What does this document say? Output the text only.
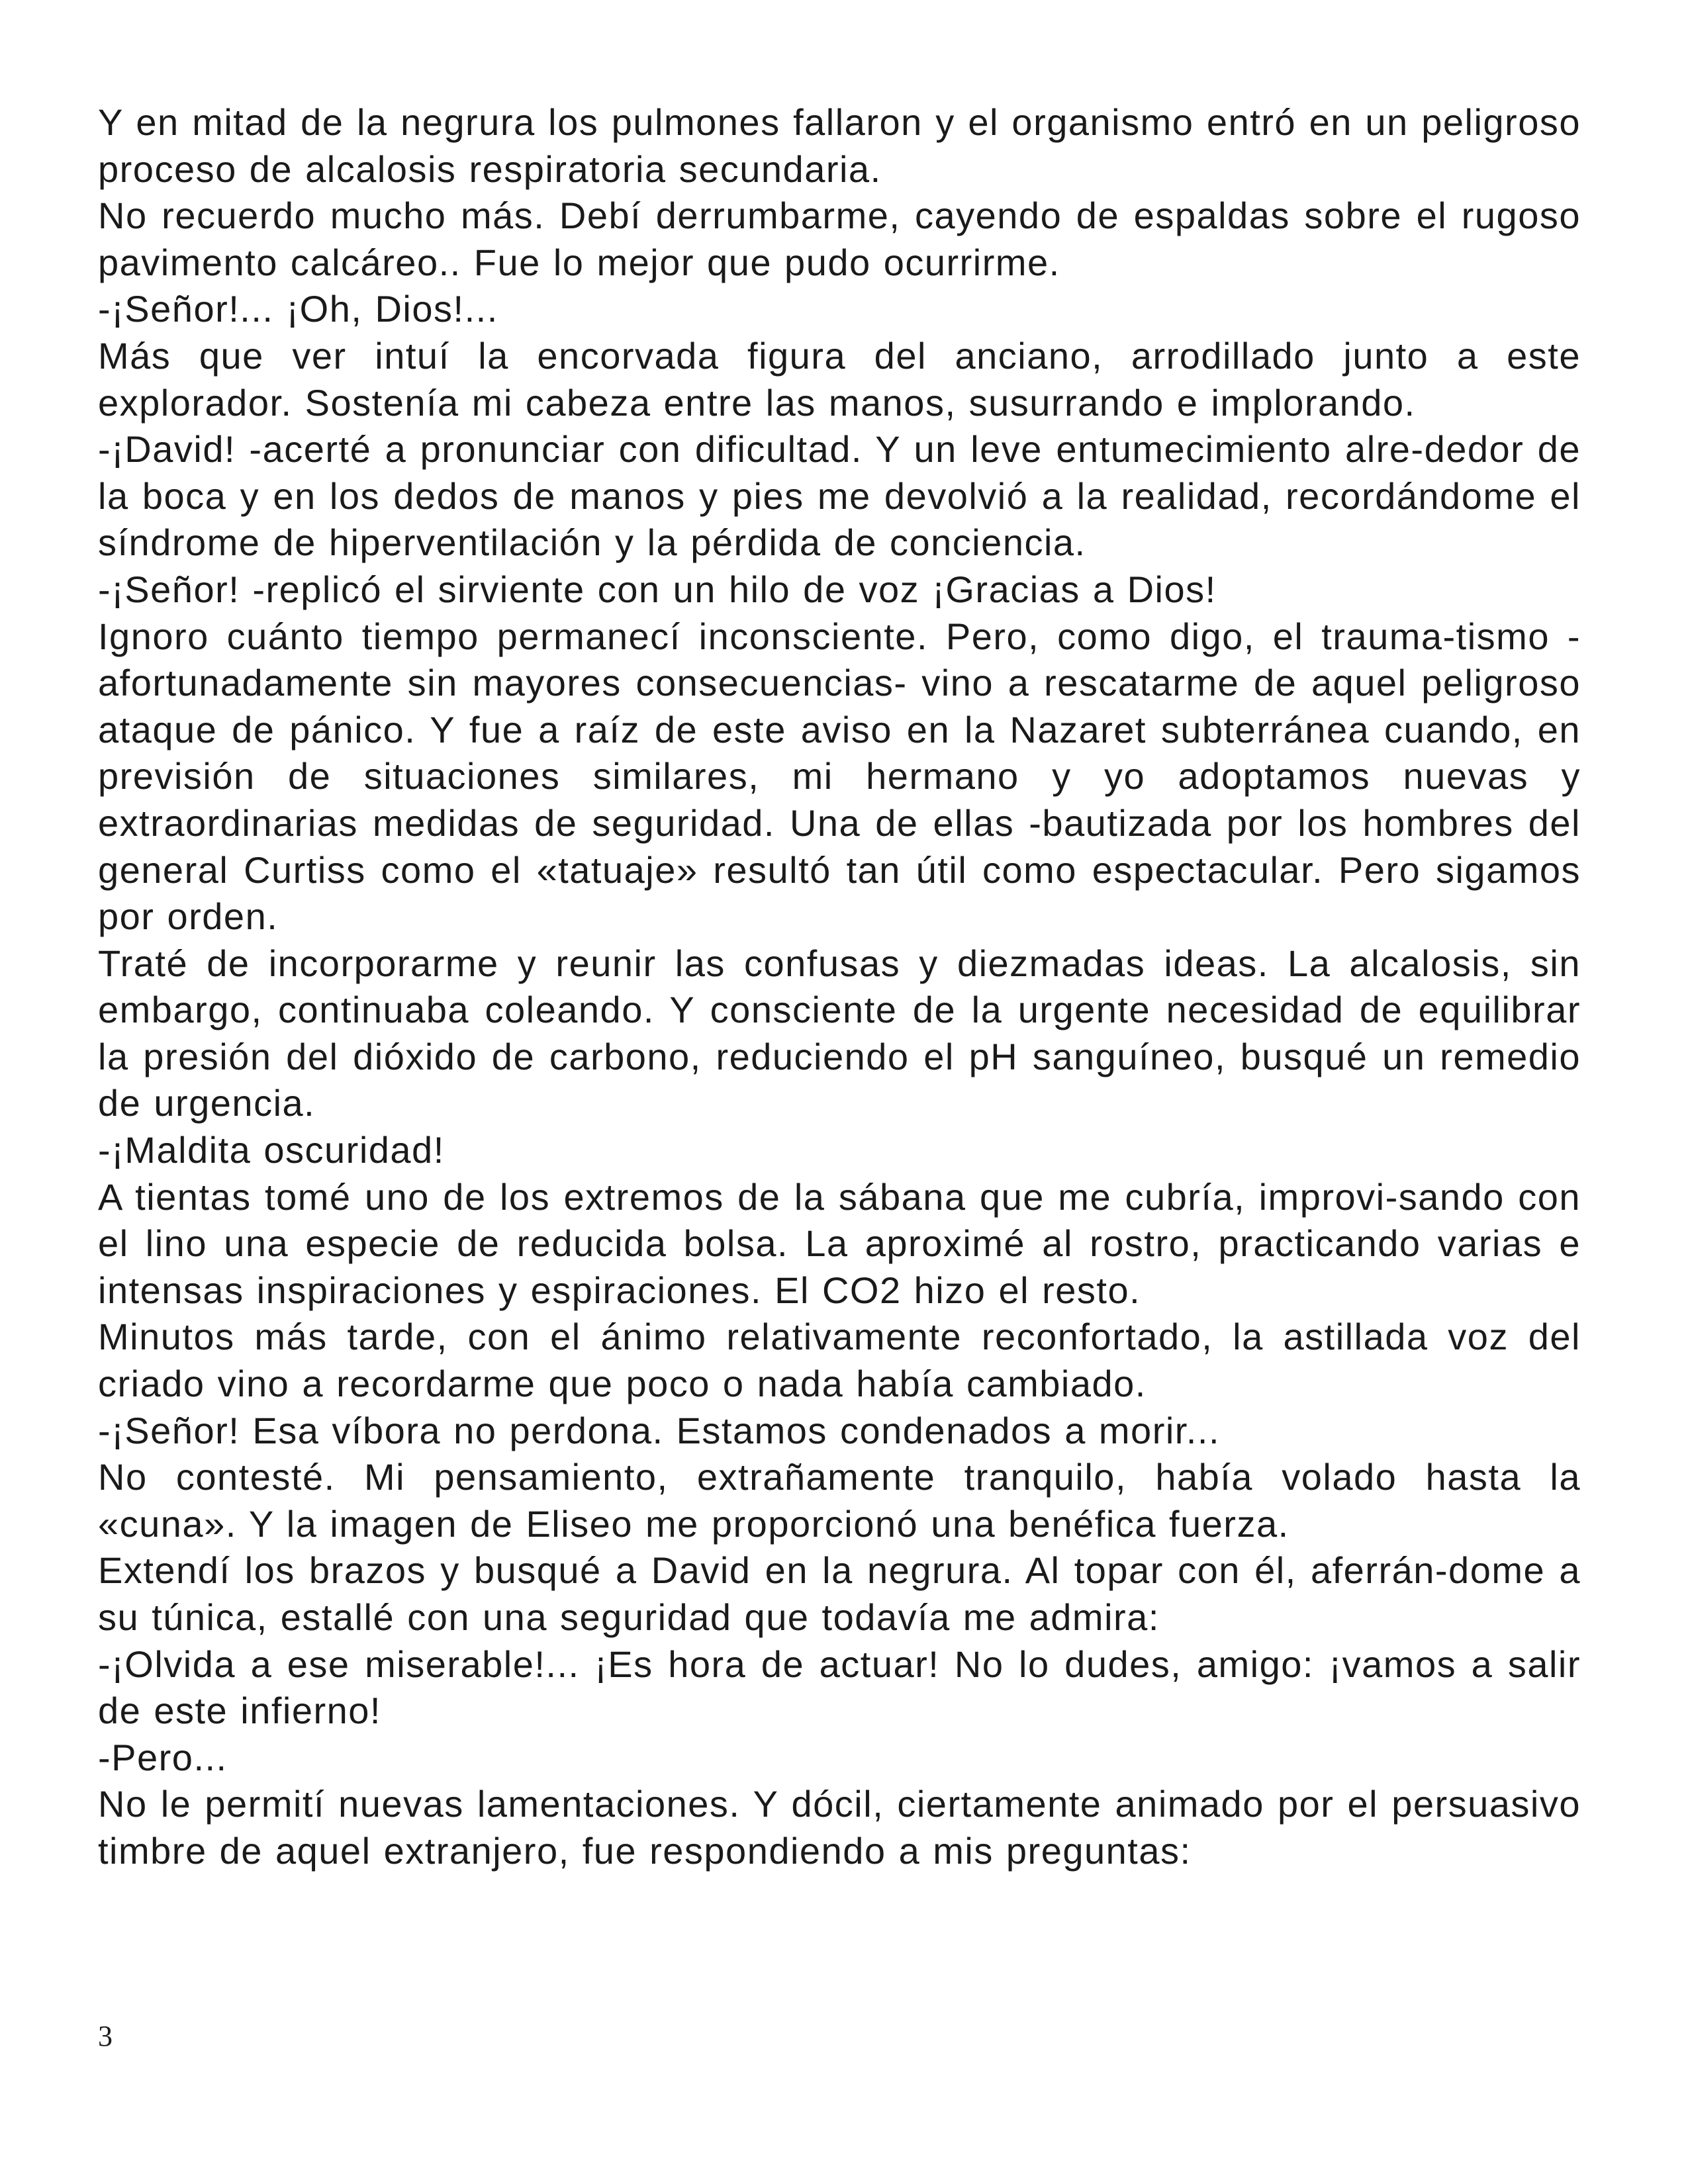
Y en mitad de la negrura los pulmones fallaron y el organismo entró en un peligroso proceso de alcalosis respiratoria secundaria.

No recuerdo mucho más. Debí derrumbarme, cayendo de espaldas sobre el rugoso pavimento calcáreo.. Fue lo mejor que pudo ocurrirme.

-¡Señor!... ¡Oh, Dios!...

Más que ver intuí la encorvada figura del anciano, arrodillado junto a este explorador. Sostenía mi cabeza entre las manos, susurrando e implorando.

-¡David! -acerté a pronunciar con dificultad. Y un leve entumecimiento alre-dedor de la boca y en los dedos de manos y pies me devolvió a la realidad, recordándome el síndrome de hiperventilación y la pérdida de conciencia.

-¡Señor! -replicó el sirviente con un hilo de voz ¡Gracias a Dios!

Ignoro cuánto tiempo permanecí inconsciente. Pero, como digo, el trauma-tismo -afortunadamente sin mayores consecuencias- vino a rescatarme de aquel peligroso ataque de pánico. Y fue a raíz de este aviso en la Nazaret subterránea cuando, en previsión de situaciones similares, mi hermano y yo adoptamos nuevas y extraordinarias medidas de seguridad. Una de ellas -bautizada por los hombres del general Curtiss como el «tatuaje» resultó tan útil como espectacular. Pero sigamos por orden.

Traté de incorporarme y reunir las confusas y diezmadas ideas. La alcalosis, sin embargo, continuaba coleando. Y consciente de la urgente necesidad de equilibrar la presión del dióxido de carbono, reduciendo el pH sanguíneo, busqué un remedio de urgencia.

-¡Maldita oscuridad!

A tientas tomé uno de los extremos de la sábana que me cubría, improvi-sando con el lino una especie de reducida bolsa. La aproximé al rostro, practicando varias e intensas inspiraciones y espiraciones. El CO2 hizo el resto.

Minutos más tarde, con el ánimo relativamente reconfortado, la astillada voz del criado vino a recordarme que poco o nada había cambiado.

-¡Señor! Esa víbora no perdona. Estamos condenados a morir...

No contesté. Mi pensamiento, extrañamente tranquilo, había volado hasta la «cuna». Y la imagen de Eliseo me proporcionó una benéfica fuerza.

Extendí los brazos y busqué a David en la negrura. Al topar con él, aferrán-dome a su túnica, estallé con una seguridad que todavía me admira:

-¡Olvida a ese miserable!... ¡Es hora de actuar! No lo dudes, amigo: ¡vamos a salir de este infierno!

-Pero...

No le permití nuevas lamentaciones. Y dócil, ciertamente animado por el persuasivo timbre de aquel extranjero, fue respondiendo a mis preguntas:

3
